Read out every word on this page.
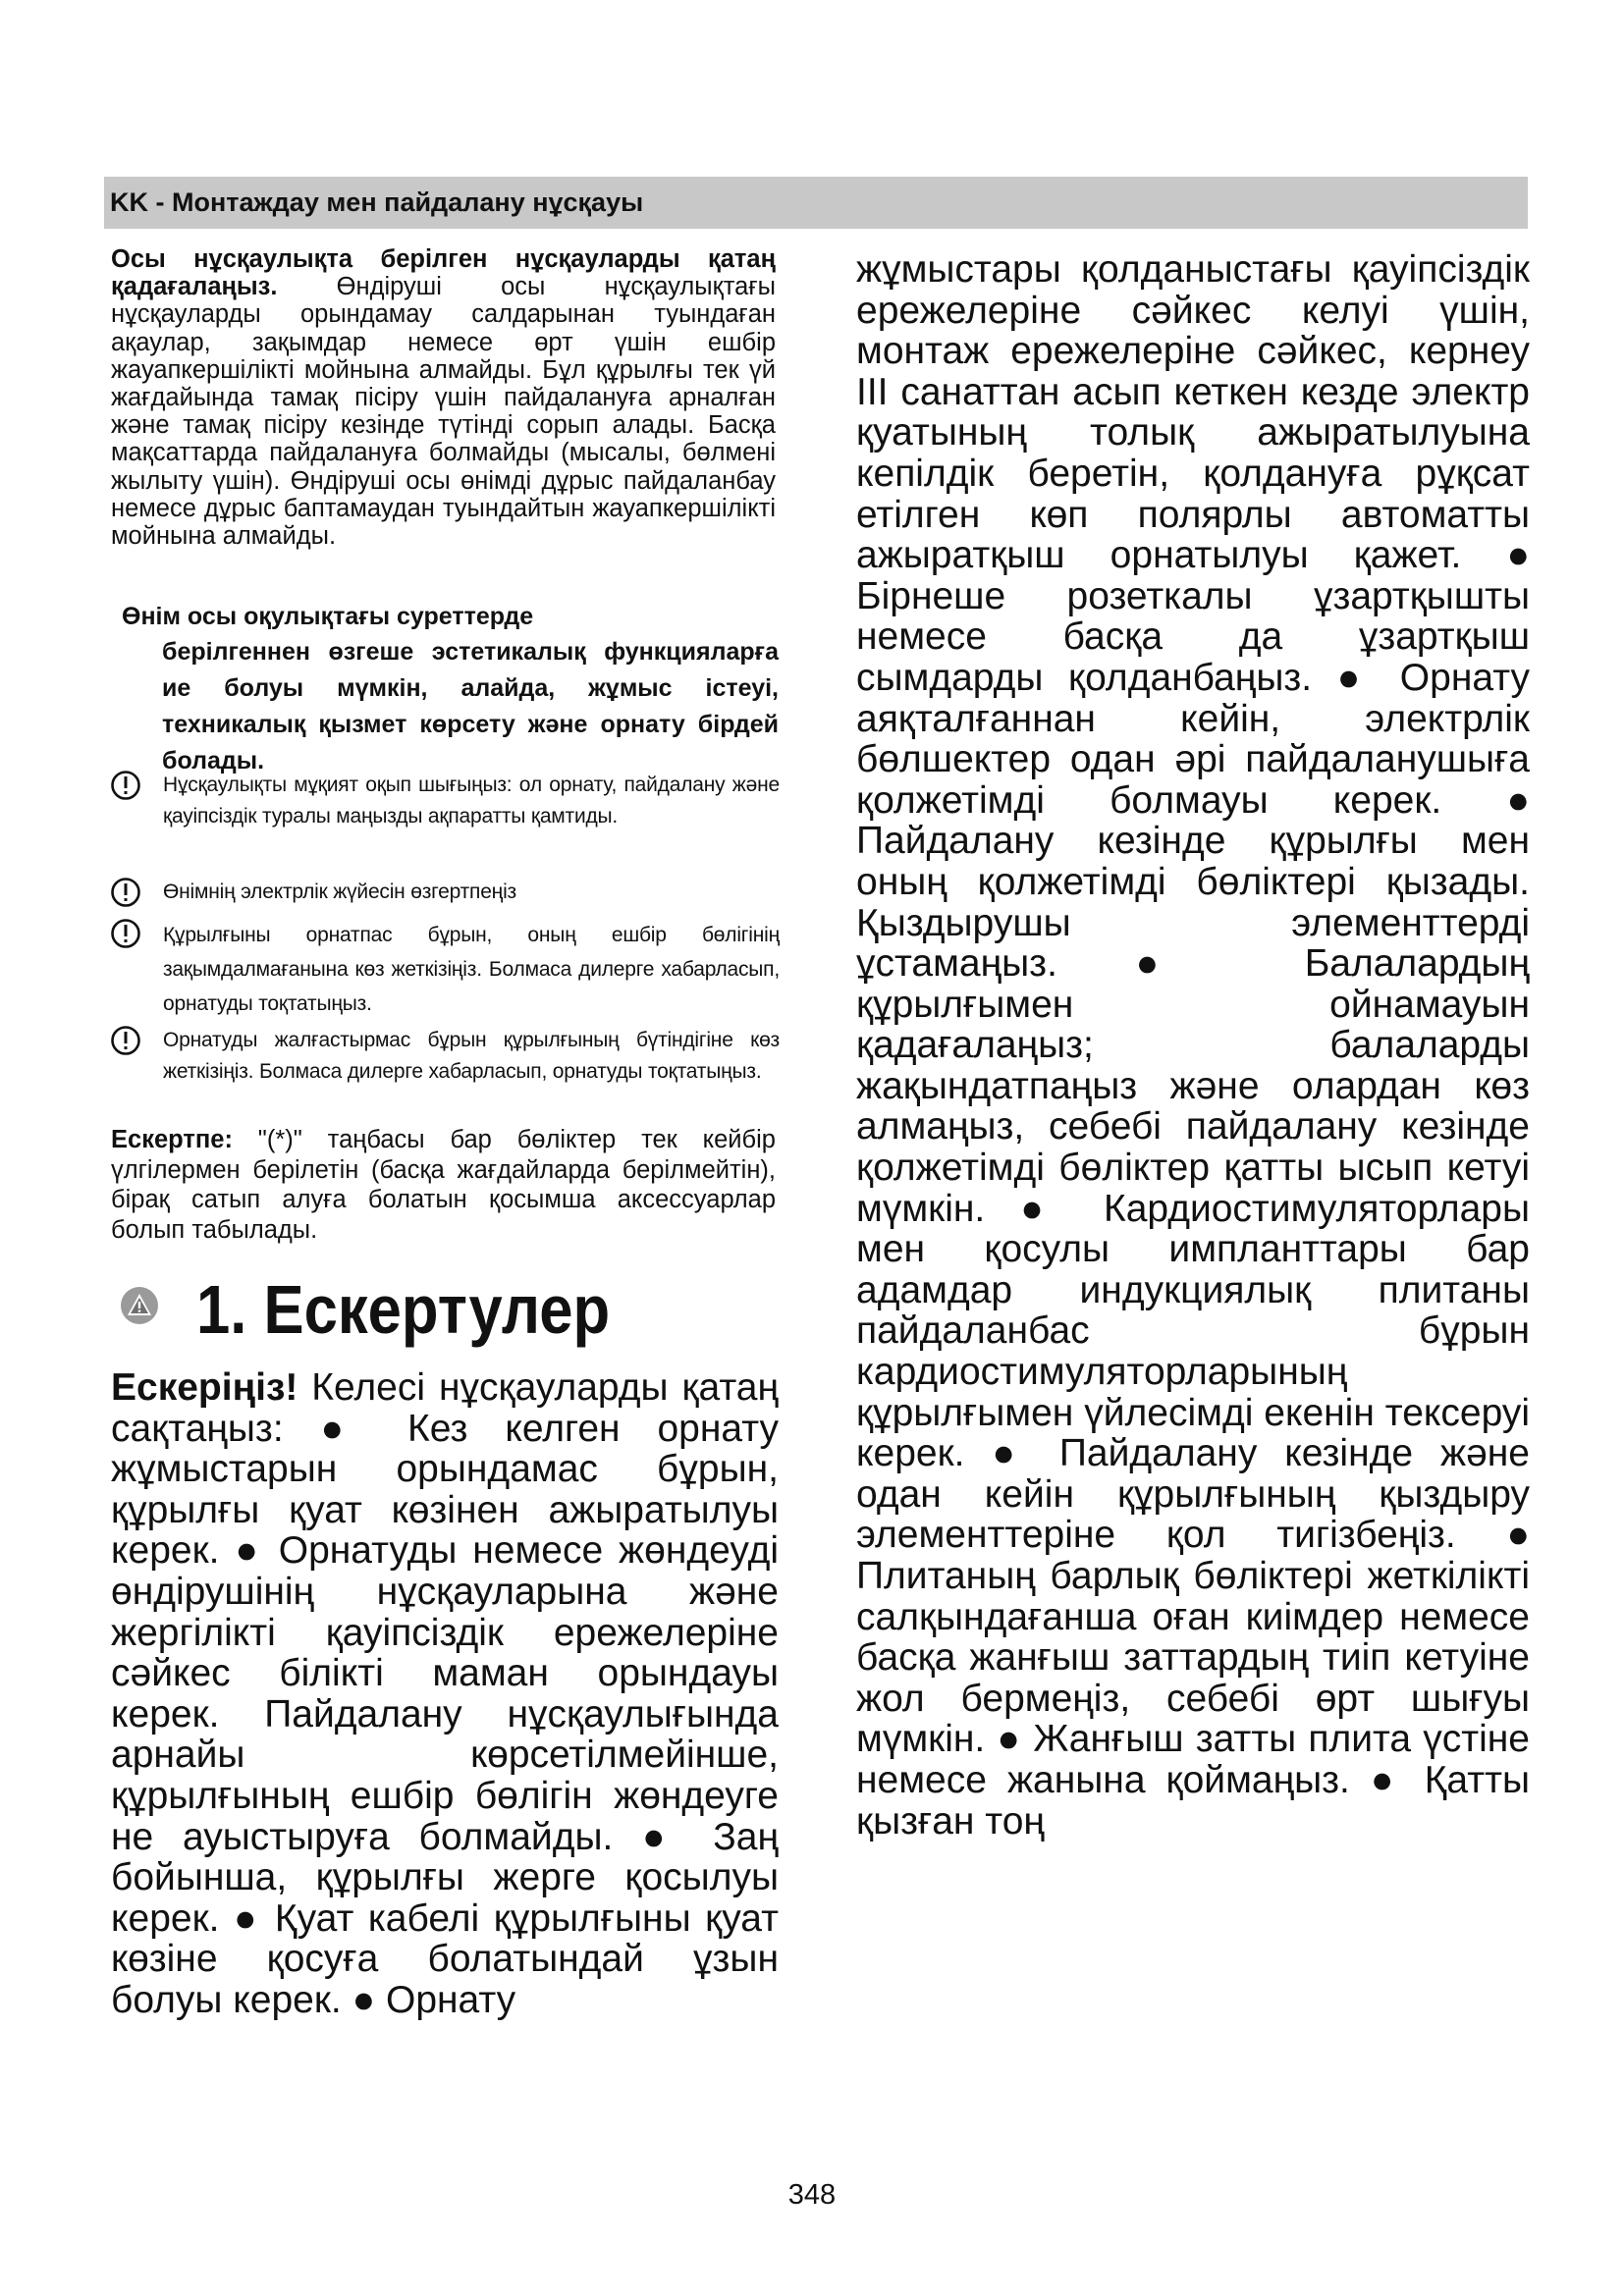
KK - Монтаждау мен пайдалану нұсқауы
Осы нұсқаулықта берілген нұсқауларды қатаң қадағалаңыз. Өндіруші осы нұсқаулықтағы нұсқауларды орындамау салдарынан туындаған ақаулар, зақымдар немесе өрт үшін ешбір жауапкершілікті мойнына алмайды. Бұл құрылғы тек үй жағдайында тамақ пісіру үшін пайдалануға арналған және тамақ пісіру кезінде түтінді сорып алады. Басқа мақсаттарда пайдалануға болмайды (мысалы, бөлмені жылыту үшін). Өндіруші осы өнімді дұрыс пайдаланбау немесе дұрыс баптамаудан туындайтын жауапкершілікті мойнына алмайды.
Өнім осы оқулықтағы суреттерде
берілгеннен өзгеше эстетикалық функцияларға ие болуы мүмкін, алайда, жұмыс істеуі, техникалық қызмет көрсету және орнату бірдей болады.
Нұсқаулықты мұқият оқып шығыңыз: ол орнату, пайдалану және қауіпсіздік туралы маңызды ақпаратты қамтиды.
Өнімнің электрлік жүйесін өзгертпеңіз
Құрылғыны орнатпас бұрын, оның ешбір бөлігінің зақымдалмағанына көз жеткізіңіз. Болмаса дилерге хабарласып, орнатуды тоқтатыңыз.
Орнатуды жалғастырмас бұрын құрылғының бүтіндігіне көз жеткізіңіз. Болмаса дилерге хабарласып, орнатуды тоқтатыңыз.
Ескертпе: "(*)" таңбасы бар бөліктер тек кейбір үлгілермен берілетін (басқа жағдайларда берілмейтін), бірақ сатып алуға болатын қосымша аксессуарлар болып табылады.
1. Ескертулер
Ескеріңіз! Келесі нұсқауларды қатаң сақтаңыз: ● Кез келген орнату жұмыстарын орындамас бұрын, құрылғы қуат көзінен ажыратылуы керек. ● Орнатуды немесе жөндеуді өндірушінің нұсқауларына және жергілікті қауіпсіздік ережелеріне сәйкес білікті маман орындауы керек. Пайдалану нұсқаулығында арнайы көрсетілмейінше, құрылғының ешбір бөлігін жөндеуге не ауыстыруға болмайды. ● Заң бойынша, құрылғы жерге қосылуы керек. ● Қуат кабелі құрылғыны қуат көзіне қосуға болатындай ұзын болуы керек. ● Орнату
жұмыстары қолданыстағы қауіпсіздік ережелеріне сәйкес келуі үшін, монтаж ережелеріне сәйкес, кернеу III санаттан асып кеткен кезде электр қуатының толық ажыратылуына кепілдік беретін, қолдануға рұқсат етілген көп полярлы автоматты ажыратқыш орнатылуы қажет. ● Бірнеше розеткалы ұзартқышты немесе басқа да ұзартқыш сымдарды қолданбаңыз. ● Орнату аяқталғаннан кейін, электрлік бөлшектер одан әрі пайдаланушыға қолжетімді болмауы керек. ● Пайдалану кезінде құрылғы мен оның қолжетімді бөліктері қызады. Қыздырушы элементтерді ұстамаңыз. ● Балалардың құрылғымен ойнамауын қадағалаңыз; балаларды жақындатпаңыз және олардан көз алмаңыз, себебі пайдалану кезінде қолжетімді бөліктер қатты ысып кетуі мүмкін. ● Кардиостимуляторлары мен қосулы импланттары бар адамдар индукциялық плитаны пайдаланбас бұрын кардиостимуляторларының құрылғымен үйлесімді екенін тексеруі керек. ● Пайдалану кезінде және одан кейін құрылғының қыздыру элементтеріне қол тигізбеңіз. ● Плитаның барлық бөліктері жеткілікті салқындағанша оған киімдер немесе басқа жанғыш заттардың тиіп кетуіне жол бермеңіз, себебі өрт шығуы мүмкін. ● Жанғыш затты плита үстіне немесе жанына қоймаңыз. ● Қатты қызған тоң
348
